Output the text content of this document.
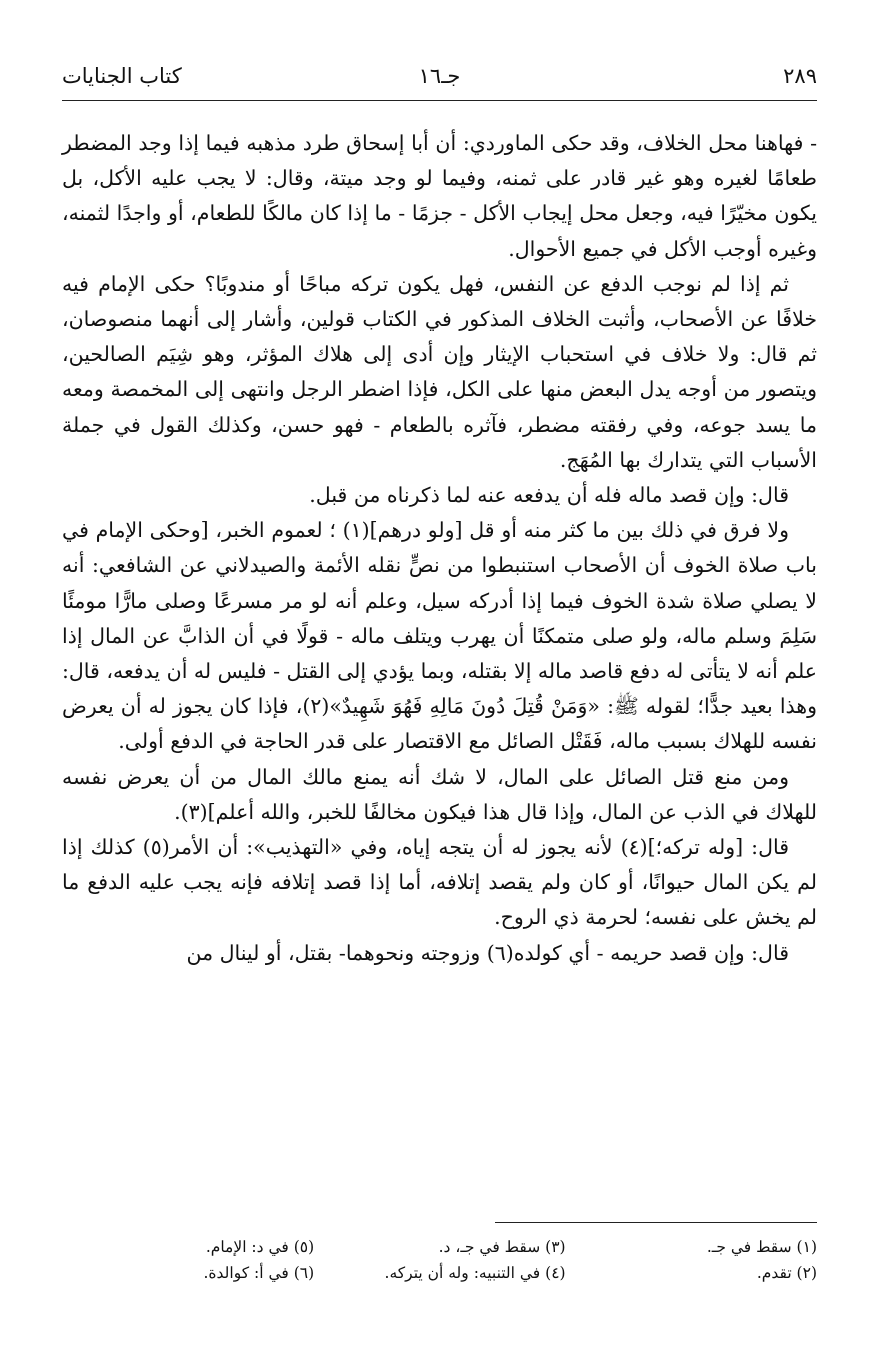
٢٨٩
جـ١٦
كتاب الجنايات

- فهاهنا محل الخلاف، وقد حكى الماوردي: أن أبا إسحاق طرد مذهبه فيما إذا وجد المضطر طعامًا لغيره وهو غير قادر على ثمنه، وفيما لو وجد ميتة، وقال: لا يجب عليه الأكل، بل يكون مخيّرًا فيه، وجعل محل إيجاب الأكل - جزمًا - ما إذا كان مالكًا للطعام، أو واجدًا لثمنه، وغيره أوجب الأكل في جميع الأحوال.

ثم إذا لم نوجب الدفع عن النفس، فهل يكون تركه مباحًا أو مندوبًا؟ حكى الإمام فيه خلافًا عن الأصحاب، وأثبت الخلاف المذكور في الكتاب قولين، وأشار إلى أنهما منصوصان، ثم قال: ولا خلاف في استحباب الإيثار وإن أدى إلى هلاك المؤثر، وهو شِيَم الصالحين، ويتصور من أوجه يدل البعض منها على الكل، فإذا اضطر الرجل وانتهى إلى المخمصة ومعه ما يسد جوعه، وفي رفقته مضطر، فآثره بالطعام - فهو حسن، وكذلك القول في جملة الأسباب التي يتدارك بها المُهَج.

قال: وإن قصد ماله فله أن يدفعه عنه لما ذكرناه من قبل.

ولا فرق في ذلك بين ما كثر منه أو قل [ولو درهم](١) ؛ لعموم الخبر، [وحكى الإمام في باب صلاة الخوف أن الأصحاب استنبطوا من نصٍّ نقله الأئمة والصيدلاني عن الشافعي: أنه لا يصلي صلاة شدة الخوف فيما إذا أدركه سيل، وعلم أنه لو مر مسرعًا وصلى مارًّا مومئًا سَلِمَ وسلم ماله، ولو صلى متمكنًا أن يهرب ويتلف ماله - قولًا في أن الذابَّ عن المال إذا علم أنه لا يتأتى له دفع قاصد ماله إلا بقتله، وبما يؤدي إلى القتل - فليس له أن يدفعه، قال: وهذا بعيد جدًّا؛ لقوله ﷺ: «وَمَنْ قُتِلَ دُونَ مَالِهِ فَهُوَ شَهِيدٌ»(٢)، فإذا كان يجوز له أن يعرض نفسه للهلاك بسبب ماله، فَقَتْل الصائل مع الاقتصار على قدر الحاجة في الدفع أولى.

ومن منع قتل الصائل على المال، لا شك أنه يمنع مالك المال من أن يعرض نفسه للهلاك في الذب عن المال، وإذا قال هذا فيكون مخالفًا للخبر، والله أعلم](٣).

قال: [وله تركه؛](٤) لأنه يجوز له أن يتجه إياه، وفي «التهذيب»: أن الأمر(٥) كذلك إذا لم يكن المال حيوانًا، أو كان ولم يقصد إتلافه، أما إذا قصد إتلافه فإنه يجب عليه الدفع ما لم يخش على نفسه؛ لحرمة ذي الروح.

قال: وإن قصد حريمه - أي كولده(٦) وزوجته ونحوهما- بقتل، أو لينال من

(١) سقط في جـ.
(٣) سقط في جـ، د.
(٥) في د: الإمام.
(٢) تقدم.
(٤) في التنبيه: وله أن يتركه.
(٦) في أ: كوالدة.
